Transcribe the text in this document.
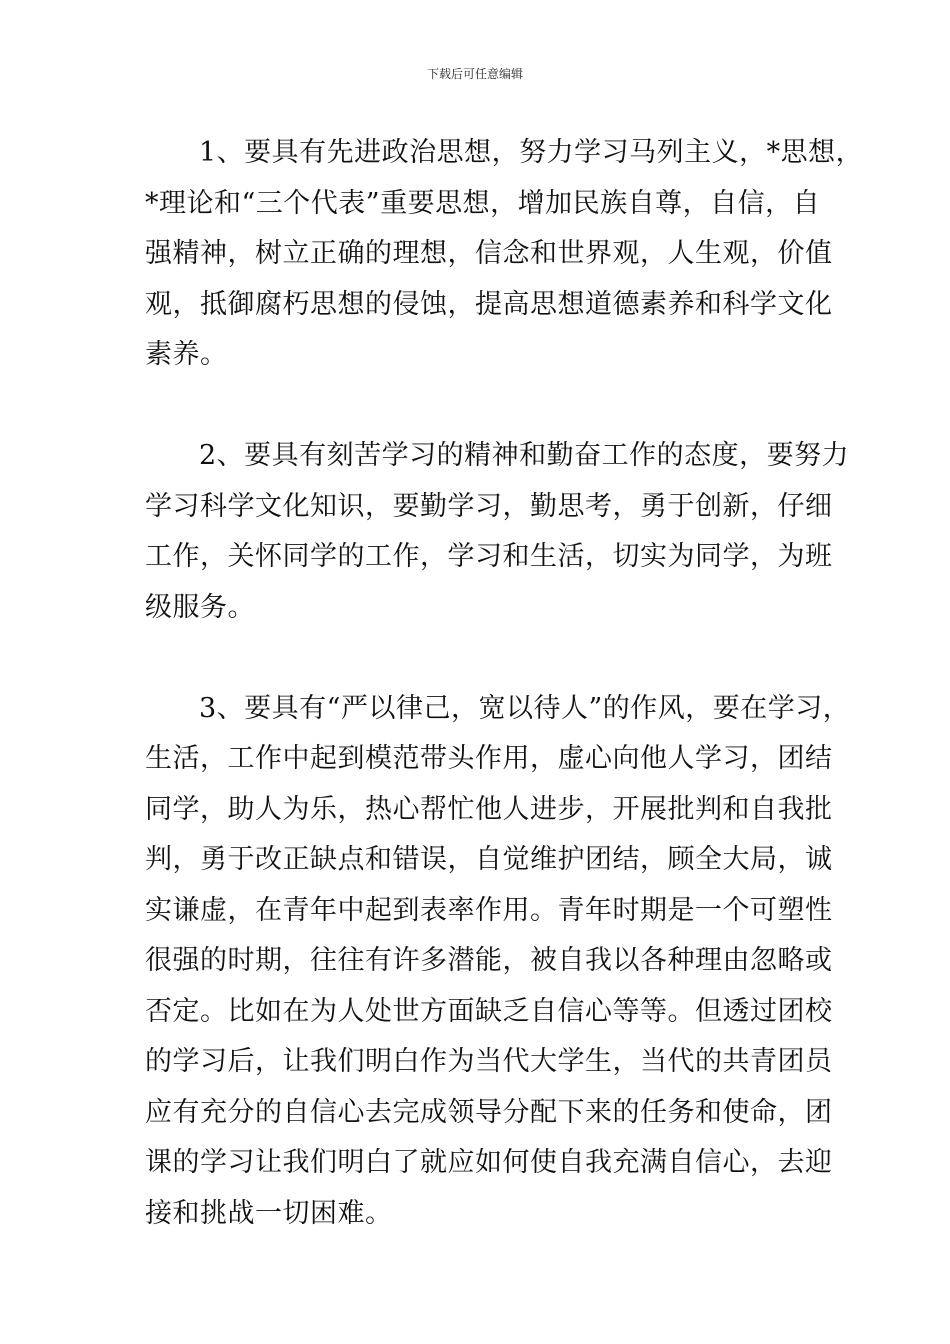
下载后可任意编辑

1、要具有先进政治思想，努力学习马列主义，*思想，
*理论和“三个代表”重要思想，增加民族自尊，自信，自
强精神，树立正确的理想，信念和世界观，人生观，价值
观，抵御腐朽思想的侵蚀，提高思想道德素养和科学文化
素养。

2、要具有刻苦学习的精神和勤奋工作的态度，要努力
学习科学文化知识，要勤学习，勤思考，勇于创新，仔细
工作，关怀同学的工作，学习和生活，切实为同学，为班
级服务。

3、要具有“严以律己，宽以待人”的作风，要在学习，
生活，工作中起到模范带头作用，虚心向他人学习，团结
同学，助人为乐，热心帮忙他人进步，开展批判和自我批
判，勇于改正缺点和错误，自觉维护团结，顾全大局，诚
实谦虚，在青年中起到表率作用。青年时期是一个可塑性
很强的时期，往往有许多潜能，被自我以各种理由忽略或
否定。比如在为人处世方面缺乏自信心等等。但透过团校
的学习后，让我们明白作为当代大学生，当代的共青团员
应有充分的自信心去完成领导分配下来的任务和使命，团
课的学习让我们明白了就应如何使自我充满自信心，去迎
接和挑战一切困难。
